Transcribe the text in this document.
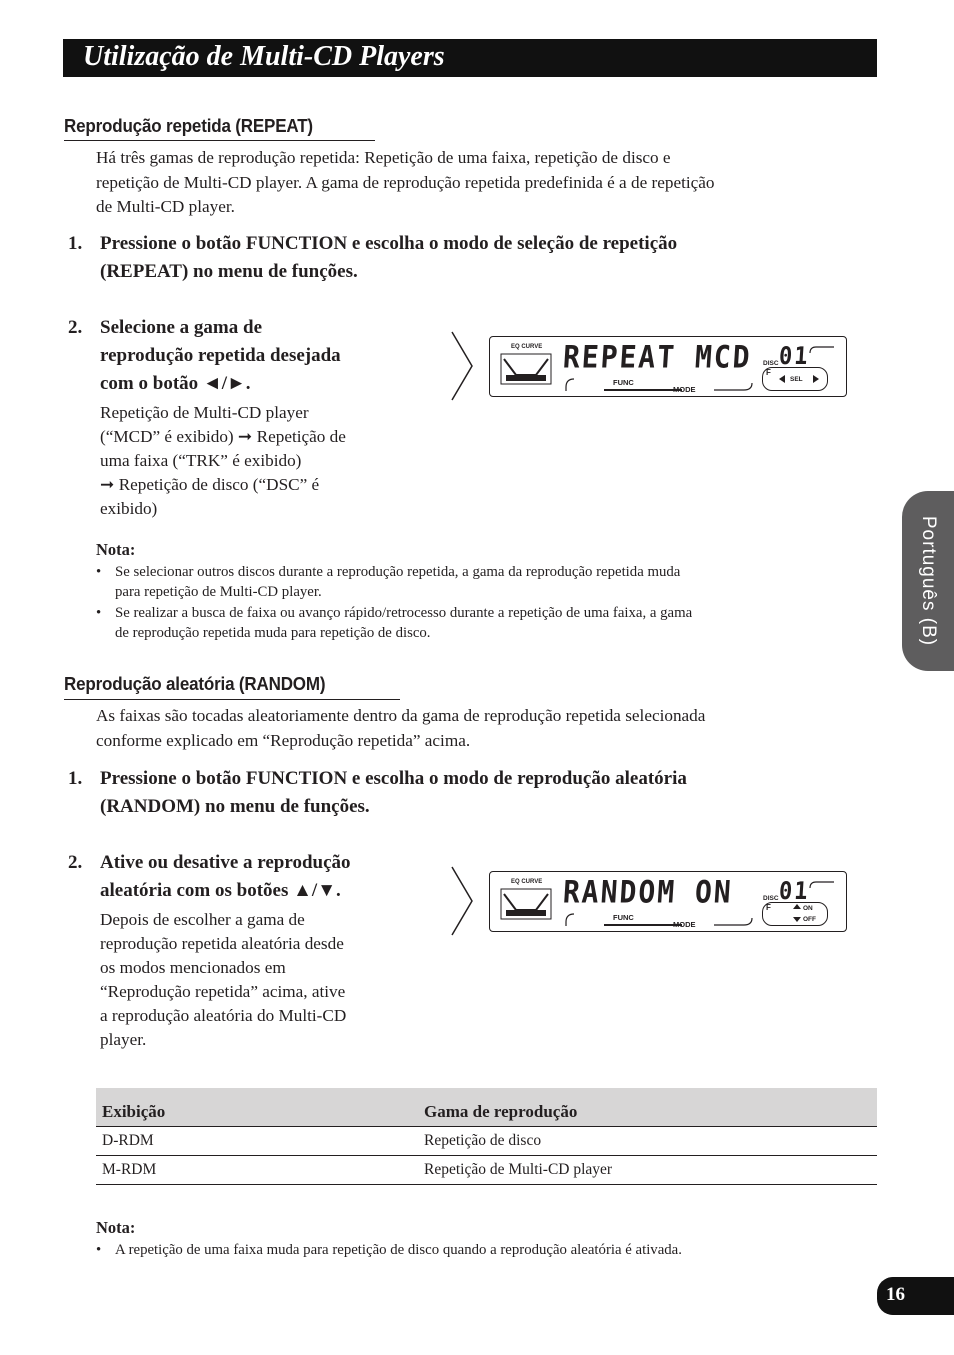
Utilização de Multi-CD Players
Português (B)
Reprodução repetida (REPEAT)
Há três gamas de reprodução repetida: Repetição de uma faixa, repetição de disco e
repetição de Multi-CD player. A gama de reprodução repetida predefinida é a de repetição
de Multi-CD player.
1. Pressione o botão FUNCTION e escolha o modo de seleção de repetição
(REPEAT) no menu de funções.
2. Selecione a gama de
reprodução repetida desejada
com o botão ◄/►.
Repetição de Multi-CD player
(“MCD” é exibido) ➞ Repetição de
uma faixa (“TRK” é exibido)
➞ Repetição de disco (“DSC” é
exibido)
EQ CURVE REPEAT MCD DISC 01
FUNC
MODE
F
SEL
Nota:
• Se selecionar outros discos durante a reprodução repetida, a gama da reprodução repetida muda
para repetição de Multi-CD player.
• Se realizar a busca de faixa ou avanço rápido/retrocesso durante a repetição de uma faixa, a gama
de reprodução repetida muda para repetição de disco.
Reprodução aleatória (RANDOM)
As faixas são tocadas aleatoriamente dentro da gama de reprodução repetida selecionada
conforme explicado em “Reprodução repetida” acima.
1. Pressione o botão FUNCTION e escolha o modo de reprodução aleatória
(RANDOM) no menu de funções.
2. Ative ou desative a reprodução
aleatória com os botões ▲/▼.
Depois de escolher a gama de
reprodução repetida aleatória desde
os modos mencionados em
“Reprodução repetida” acima, ative
a reprodução aleatória do Multi-CD
player.
EQ CURVE RANDOM ON	DISC 01
FUNC
MODE
F	ON
OFF
Exibição	Gama de reprodução
D-RDM	Repetição de disco
M-RDM	Repetição de Multi-CD player
Nota:
• A repetição de uma faixa muda para repetição de disco quando a reprodução aleatória é ativada.
16
